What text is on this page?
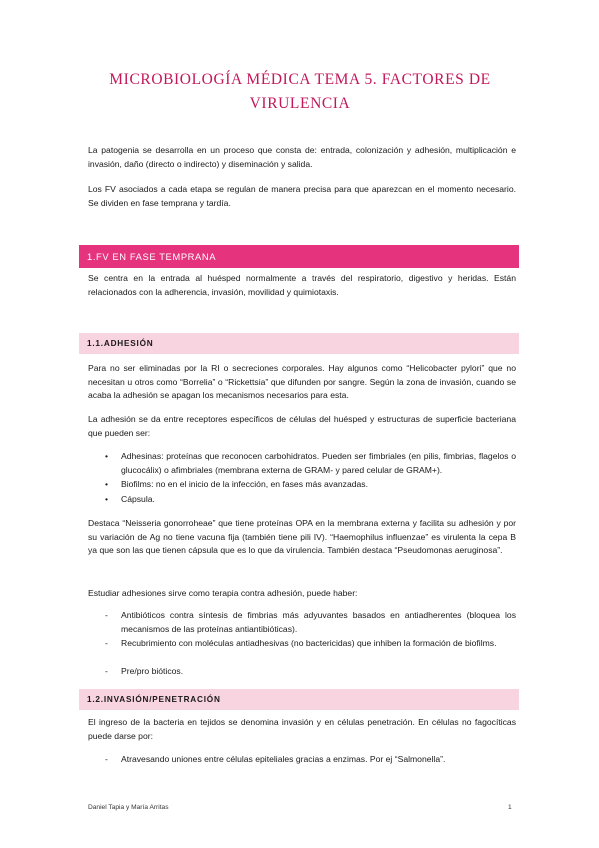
MICROBIOLOGÍA MÉDICA TEMA 5. FACTORES DE
VIRULENCIA

La patogenia se desarrolla en un proceso que consta de: entrada, colonización y adhesión, multiplicación e invasión, daño (directo o indirecto) y diseminación y salida.

Los FV asociados a cada etapa se regulan de manera precisa para que aparezcan en el momento necesario. Se dividen en fase temprana y tardía.

1.FV EN FASE TEMPRANA

Se centra en la entrada al huésped normalmente a través del respiratorio, digestivo y heridas. Están relacionados con la adherencia, invasión, movilidad y quimiotaxis.

1.1.ADHESIÓN

Para no ser eliminadas por la RI o secreciones corporales. Hay algunos como “Helicobacter pylori” que no necesitan u otros como “Borrelia” o “Rickettsia” que difunden por sangre. Según la zona de invasión, cuando se acaba la adhesión se apagan los mecanismos necesarios para esta.

La adhesión se da entre receptores específicos de células del huésped y estructuras de superficie bacteriana que pueden ser:

•	Adhesinas: proteínas que reconocen carbohidratos. Pueden ser fimbriales (en pilis, fimbrias, flagelos o glucocálix) o afimbriales (membrana externa de GRAM- y pared celular de GRAM+).
•	Biofilms: no en el inicio de la infección, en fases más avanzadas.
•	Cápsula.

Destaca “Neisseria gonorroheae” que tiene proteínas OPA en la membrana externa y facilita su adhesión y por su variación de Ag no tiene vacuna fija (también tiene pili IV). “Haemophilus influenzae” es virulenta la cepa B ya que son las que tienen cápsula que es lo que da virulencia. También destaca “Pseudomonas aeruginosa”.

Estudiar adhesiones sirve como terapia contra adhesión, puede haber:

-	Antibióticos contra síntesis de fimbrias más adyuvantes basados en antiadherentes (bloquea los mecanismos de las proteínas antiantibióticas).
-	Recubrimiento con moléculas antiadhesivas (no bactericidas) que inhiben la formación de biofilms.
-	Pre/pro bióticos.
1.2.INVASIÓN/PENETRACIÓN

El ingreso de la bacteria en tejidos se denomina invasión y en células penetración. En células no fagocíticas puede darse por:

-	Atravesando uniones entre células epiteliales gracias a enzimas. Por ej “Salmonella”.
Daniel Tapia y María Arritas	1
